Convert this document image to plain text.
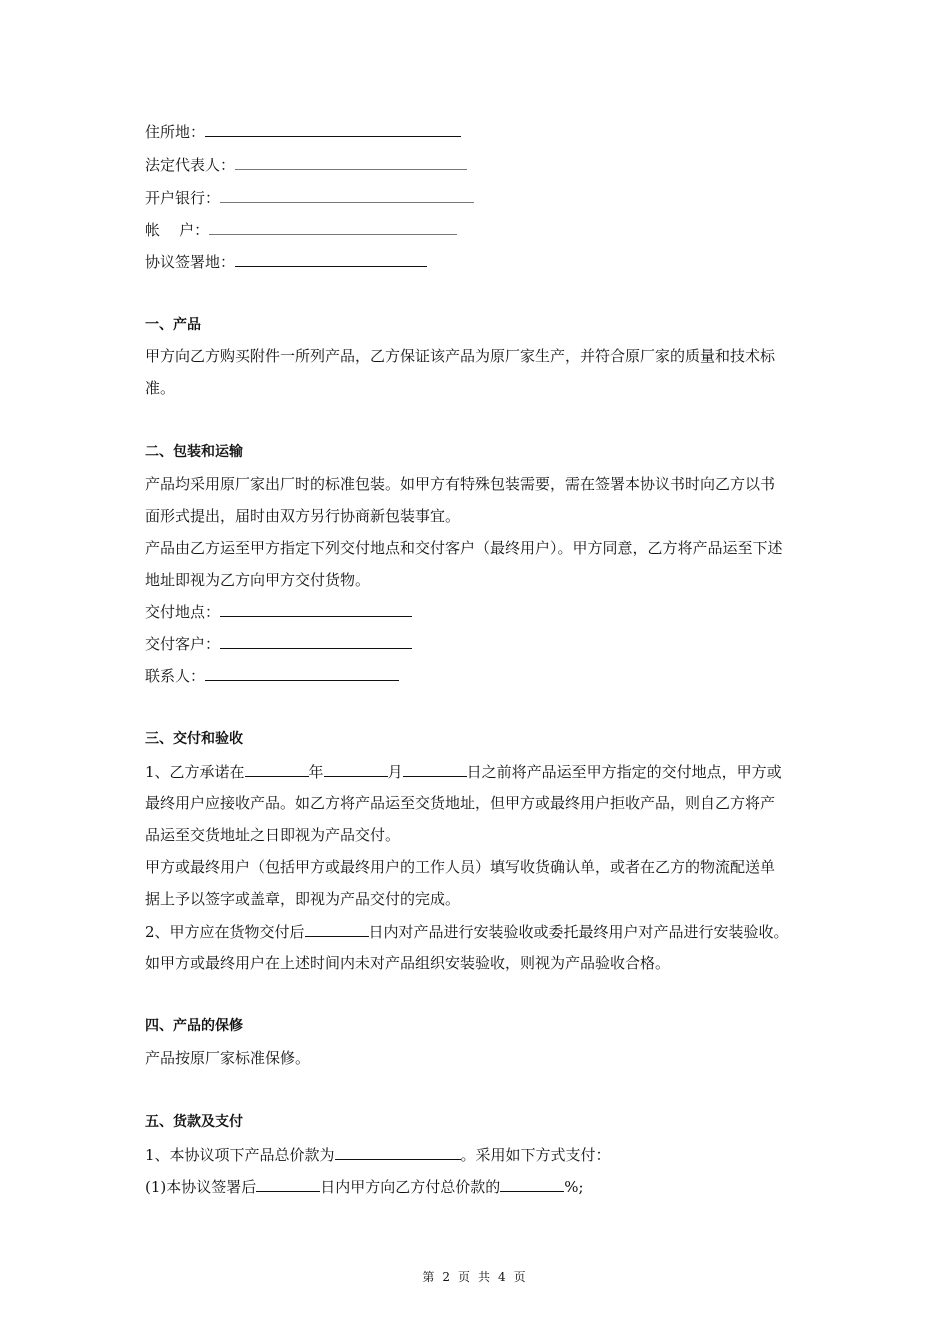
住所地：
法定代表人：
开户银行：
帐    户：
协议签署地：
一、产品
甲方向乙方购买附件一所列产品，乙方保证该产品为原厂家生产，并符合原厂家的质量和技术标
准。
二、包装和运输
产品均采用原厂家出厂时的标准包装。如甲方有特殊包装需要，需在签署本协议书时向乙方以书
面形式提出，届时由双方另行协商新包装事宜。
产品由乙方运至甲方指定下列交付地点和交付客户（最终用户）。甲方同意，乙方将产品运至下述
地址即视为乙方向甲方交付货物。
交付地点：
交付客户：
联系人：
三、交付和验收
1、乙方承诺在	年	月	日之前将产品运至甲方指定的交付地点，甲方或
最终用户应接收产品。如乙方将产品运至交货地址，但甲方或最终用户拒收产品，则自乙方将产
品运至交货地址之日即视为产品交付。
甲方或最终用户（包括甲方或最终用户的工作人员）填写收货确认单，或者在乙方的物流配送单
据上予以签字或盖章，即视为产品交付的完成。
2、甲方应在货物交付后	日内对产品进行安装验收或委托最终用户对产品进行安装验收。
如甲方或最终用户在上述时间内未对产品组织安装验收，则视为产品验收合格。
四、产品的保修
产品按原厂家标准保修。
五、货款及支付
1、本协议项下产品总价款为	。采用如下方式支付：
(1)本协议签署后	日内甲方向乙方付总价款的	%;
第 2 页 共 4 页
